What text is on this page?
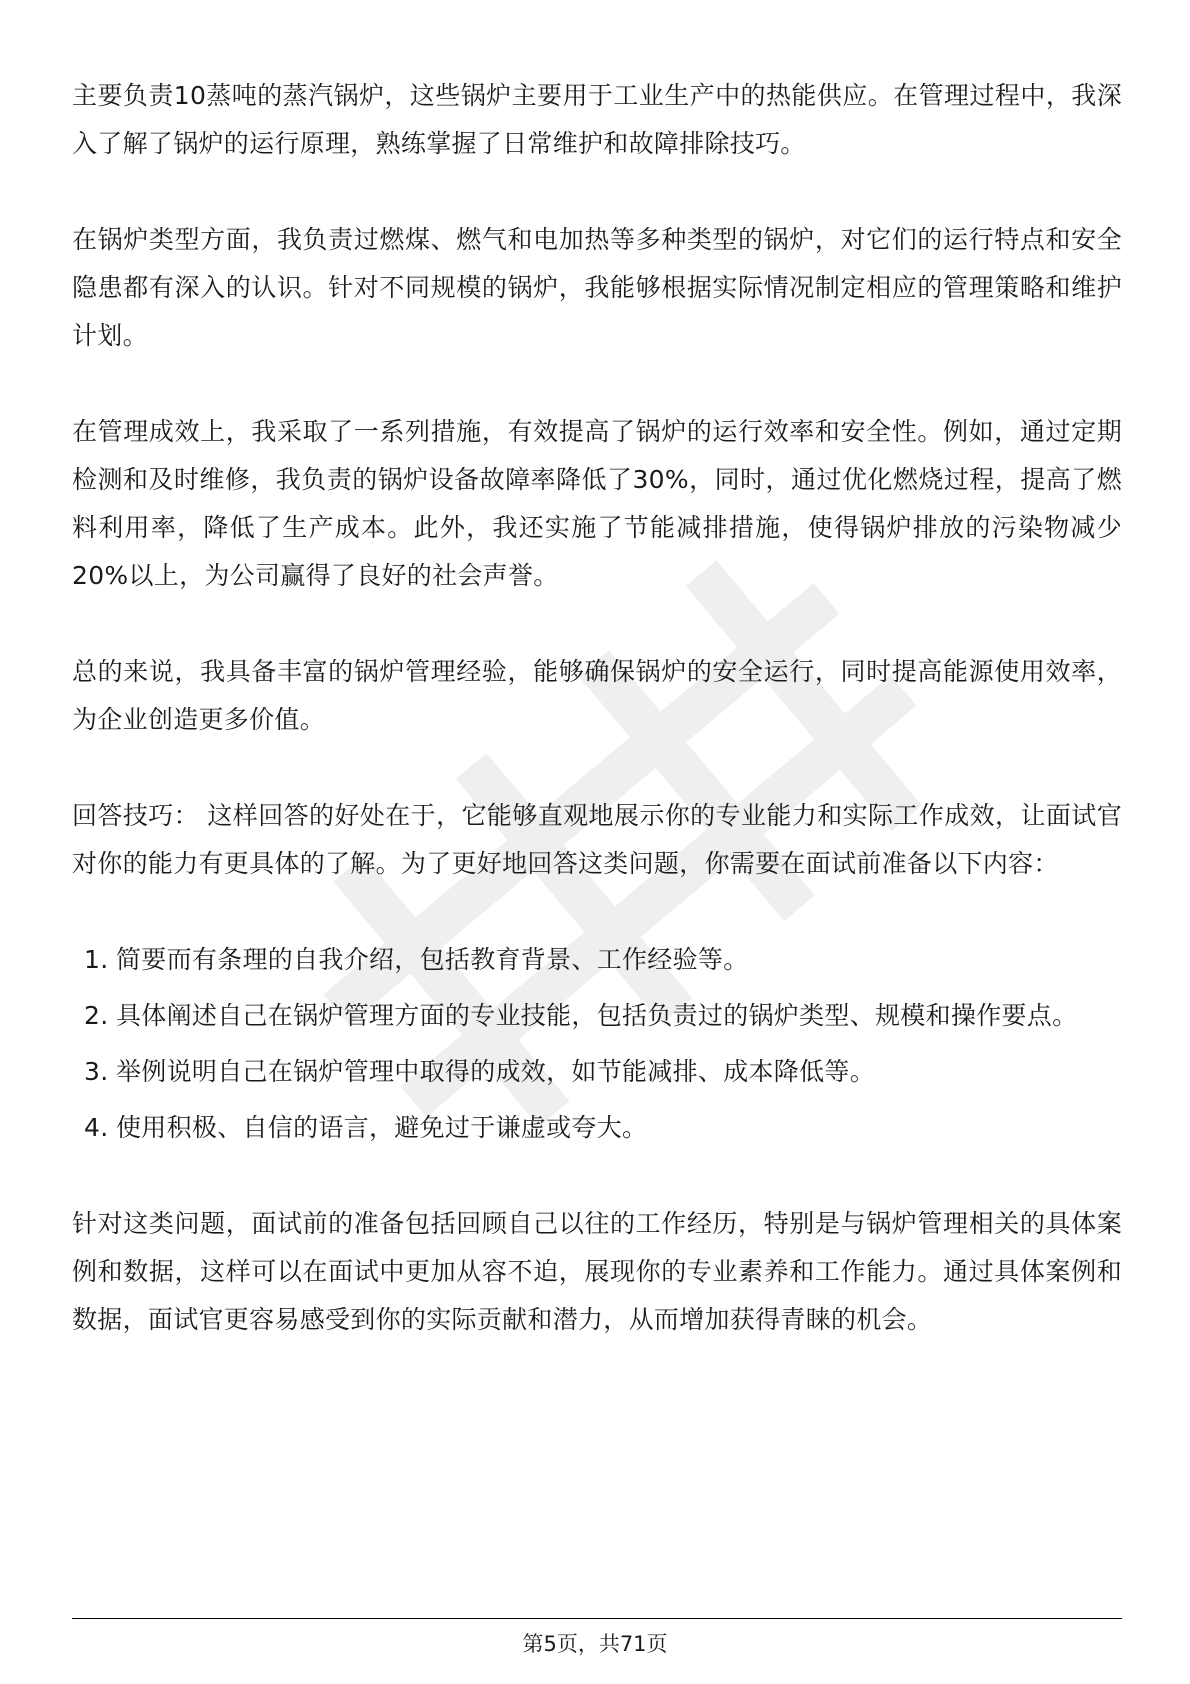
主要负责10蒸吨的蒸汽锅炉，这些锅炉主要用于工业生产中的热能供应。在管理过程中，我深入了解了锅炉的运行原理，熟练掌握了日常维护和故障排除技巧。

在锅炉类型方面，我负责过燃煤、燃气和电加热等多种类型的锅炉，对它们的运行特点和安全隐患都有深入的认识。针对不同规模的锅炉，我能够根据实际情况制定相应的管理策略和维护计划。

在管理成效上，我采取了一系列措施，有效提高了锅炉的运行效率和安全性。例如，通过定期检测和及时维修，我负责的锅炉设备故障率降低了30%，同时，通过优化燃烧过程，提高了燃料利用率，降低了生产成本。此外，我还实施了节能减排措施，使得锅炉排放的污染物减少20%以上，为公司赢得了良好的社会声誉。

总的来说，我具备丰富的锅炉管理经验，能够确保锅炉的安全运行，同时提高能源使用效率，为企业创造更多价值。

回答技巧： 这样回答的好处在于，它能够直观地展示你的专业能力和实际工作成效，让面试官对你的能力有更具体的了解。为了更好地回答这类问题，你需要在面试前准备以下内容：

1. 简要而有条理的自我介绍，包括教育背景、工作经验等。
2. 具体阐述自己在锅炉管理方面的专业技能，包括负责过的锅炉类型、规模和操作要点。
3. 举例说明自己在锅炉管理中取得的成效，如节能减排、成本降低等。
4. 使用积极、自信的语言，避免过于谦虚或夸大。

针对这类问题，面试前的准备包括回顾自己以往的工作经历，特别是与锅炉管理相关的具体案例和数据，这样可以在面试中更加从容不迫，展现你的专业素养和工作能力。通过具体案例和数据，面试官更容易感受到你的实际贡献和潜力，从而增加获得青睐的机会。

第5页，共71页
